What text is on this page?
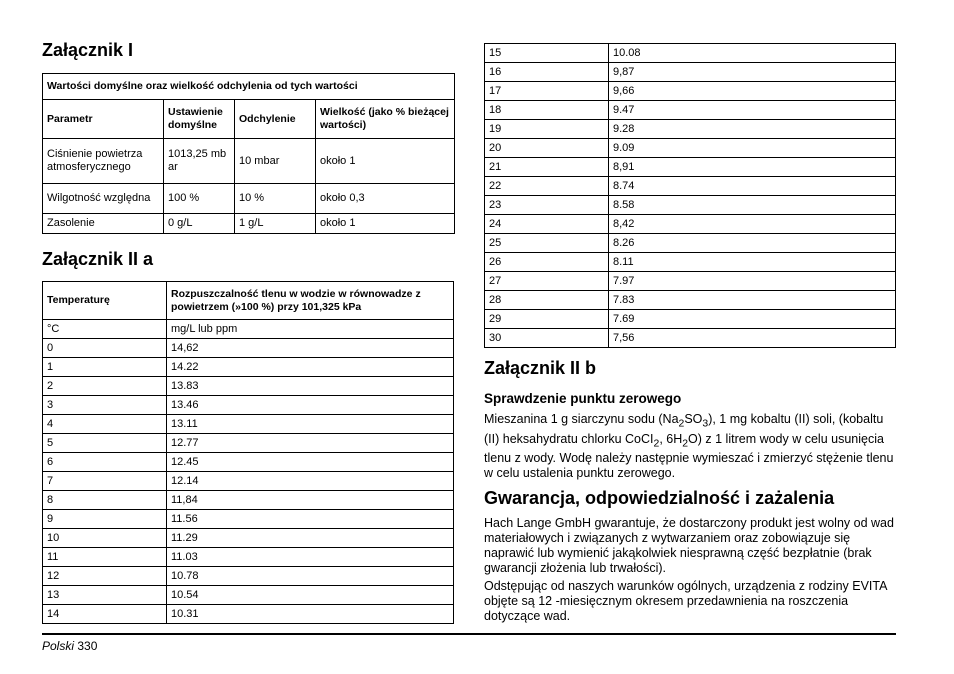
Załącznik I
Wartości domyślne oraz wielkość odchylenia od tych wartości			
Parametr	Ustawienie domyślne	Odchylenie	Wielkość (jako % bieżącej wartości)
Ciśnienie powietrza atmosferycznego	1013,25 mb ar	10 mbar	około 1
Wilgotność względna	100 %	10 %	około 0,3
Zasolenie	0 g/L	1 g/L	około 1
Załącznik II a
Temperaturę	Rozpuszczalność tlenu w wodzie w równowadze z powietrzem (»100 %) przy 101,325 kPa
°C	mg/L lub ppm
0	14,62
1	14.22
2	13.83
3	13.46
4	13.11
5	12.77
6	12.45
7	12.14
8	11,84
9	11.56
10	11.29
11	11.03
12	10.78
13	10.54
14	10.31
15	10.08
16	9,87
17	9,66
18	9.47
19	9.28
20	9.09
21	8,91
22	8.74
23	8.58
24	8,42
25	8.26
26	8.11
27	7.97
28	7.83
29	7.69
30	7,56
Załącznik II b
Sprawdzenie punktu zerowego

Mieszanina 1 g siarczynu sodu $(Na_2SO_3)$, 1 mg kobaltu (II) soli, (kobaltu (II) heksahydratu chlorku CoCI$_2$, $6H_2O$) z 1 litrem wody w celu usunięcia tlenu z wody. Wodę należy następnie wymieszać i zmierzyć stężenie tlenu w celu ustalenia punktu zerowego.

Gwarancja, odpowiedzialność i zażalenia

Hach Lange GmbH gwarantuje, że dostarczony produkt jest wolny od wad materiałowych i związanych z wytwarzaniem oraz zobowiązuje się naprawić lub wymienić jakąkolwiek niesprawną część bezpłatnie (brak gwarancji złożenia lub trwałości).

Odstępując od naszych warunków ogólnych, urządzenia z rodziny EVITA objęte są 12 -miesięcznym okresem przedawnienia na roszczenia dotyczące wad.

Polski 330
